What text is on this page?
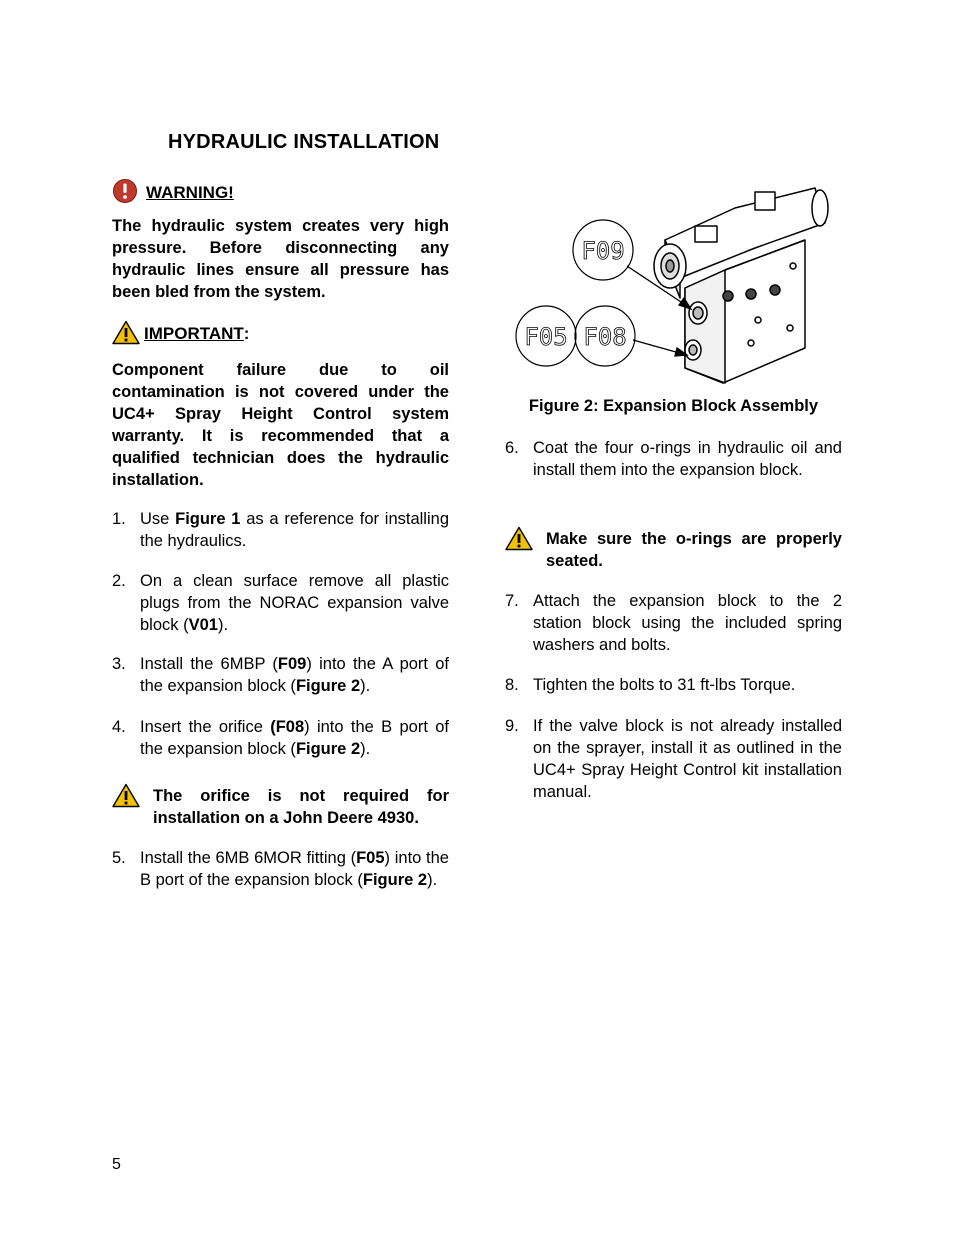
HYDRAULIC INSTALLATION
WARNING!
The hydraulic system creates very high pressure. Before disconnecting any hydraulic lines ensure all pressure has been bled from the system.
IMPORTANT :
Component failure due to oil contamination is not covered under the UC4+ Spray Height Control system warranty. It is recommended that a qualified technician does the hydraulic installation.
1. Use Figure 1 as a reference for installing the hydraulics.
2. On a clean surface remove all plastic plugs from the NORAC expansion valve block (V01).
3. Install the 6MBP (F09) into the A port of the expansion block (Figure 2).
4. Insert the orifice (F08) into the B port of the expansion block (Figure 2).
The orifice is not required for installation on a John Deere 4930.
5. Install the 6MB 6MOR fitting (F05) into the B port of the expansion block (Figure 2).
F09
F05 F08
Figure 2: Expansion Block Assembly
6. Coat the four o-rings in hydraulic oil and install them into the expansion block.
Make sure the o-rings are properly seated.
7. Attach the expansion block to the 2 station block using the included spring washers and bolts.
8. Tighten the bolts to 31 ft-lbs Torque.
9. If the valve block is not already installed on the sprayer, install it as outlined in the UC4+ Spray Height Control kit installation manual.
5
